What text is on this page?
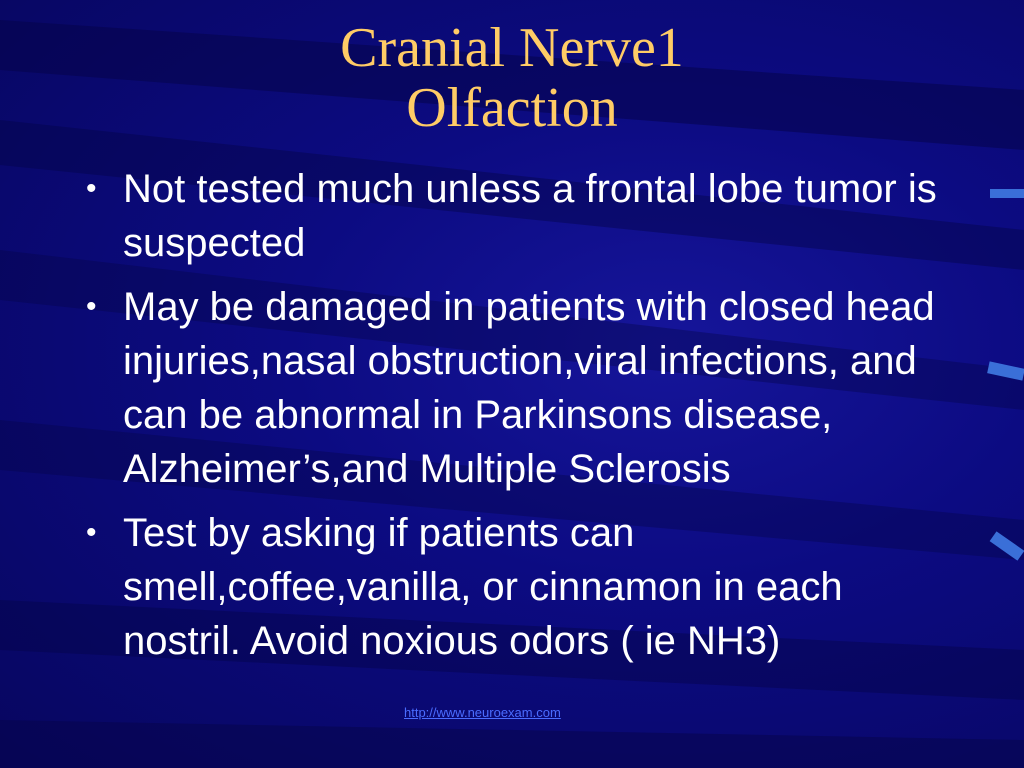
Cranial Nerve1
Olfaction
• Not tested much unless a frontal lobe tumor is suspected
• May be damaged in patients with closed head injuries,nasal obstruction,viral infections, and can be abnormal in Parkinsons disease, Alzheimer’s,and Multiple Sclerosis
• Test by asking if patients can smell,coffee,vanilla, or cinnamon in each nostril. Avoid noxious odors ( ie NH3)
http://www.neuroexam.com
